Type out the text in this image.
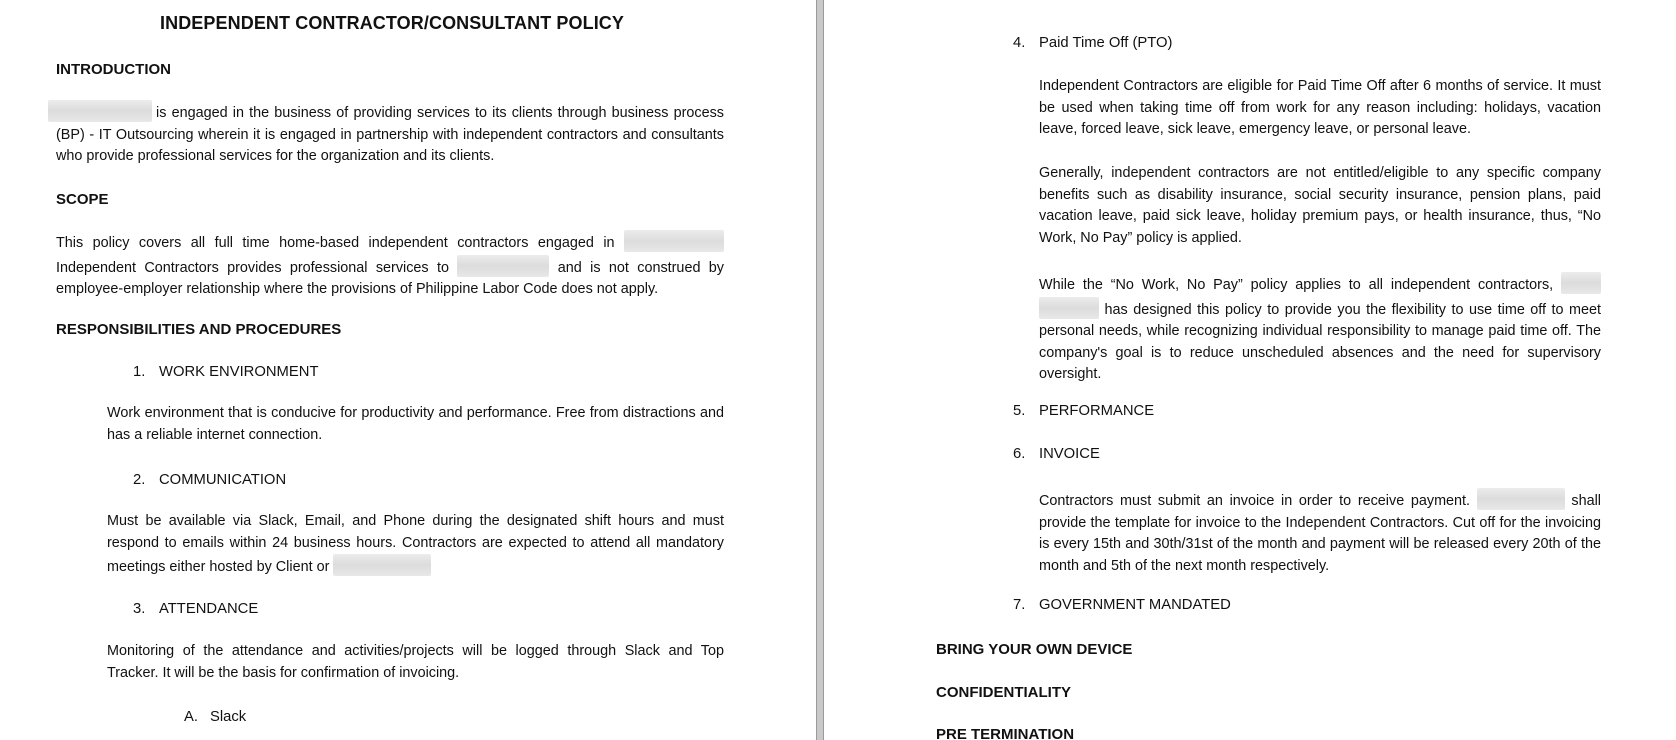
INDEPENDENT CONTRACTOR/CONSULTANT POLICY
INTRODUCTION

is engaged in the business of providing services to its clients through business process (BP) - IT Outsourcing wherein it is engaged in partnership with independent contractors and consultants who provide professional services for the organization and its clients.

SCOPE

This policy covers all full time home-based independent contractors engaged in  Independent Contractors provides professional services to	and is not construed by employee-employer relationship where the provisions of Philippine Labor Code does not apply.

RESPONSIBILITIES AND PROCEDURES
1. WORK ENVIRONMENT

Work environment that is conducive for productivity and performance. Free from distractions and has a reliable internet connection.

2. COMMUNICATION

Must be available via Slack, Email, and Phone during the designated shift hours and must respond to emails within 24 business hours. Contractors are expected to attend all mandatory meetings either hosted by Client or

3. ATTENDANCE

Monitoring of the attendance and activities/projects will be logged through Slack and Top Tracker. It will be the basis for confirmation of invoicing.

A. Slack
4. Paid Time Off (PTO)

Independent Contractors are eligible for Paid Time Off after 6 months of service. It must be used when taking time off from work for any reason including: holidays, vacation leave, forced leave, sick leave, emergency leave, or personal leave.

Generally, independent contractors are not entitled/eligible to any specific company benefits such as disability insurance, social security insurance, pension plans, paid vacation leave, paid sick leave, holiday premium pays, or health insurance, thus, “No Work, No Pay” policy is applied.

While the “No Work, No Pay” policy applies to all independent contractors,   has designed this policy to provide you the flexibility to use time off to meet personal needs, while recognizing individual responsibility to manage paid time off. The company's goal is to reduce unscheduled absences and the need for supervisory oversight.

5. PERFORMANCE
6. INVOICE

Contractors must submit an invoice in order to receive payment.	shall provide the template for invoice to the Independent Contractors. Cut off for the invoicing is every 15th and 30th/31st of the month and payment will be released every 20th of the month and 5th of the next month respectively.

7. GOVERNMENT MANDATED
BRING YOUR OWN DEVICE
CONFIDENTIALITY
PRE TERMINATION
